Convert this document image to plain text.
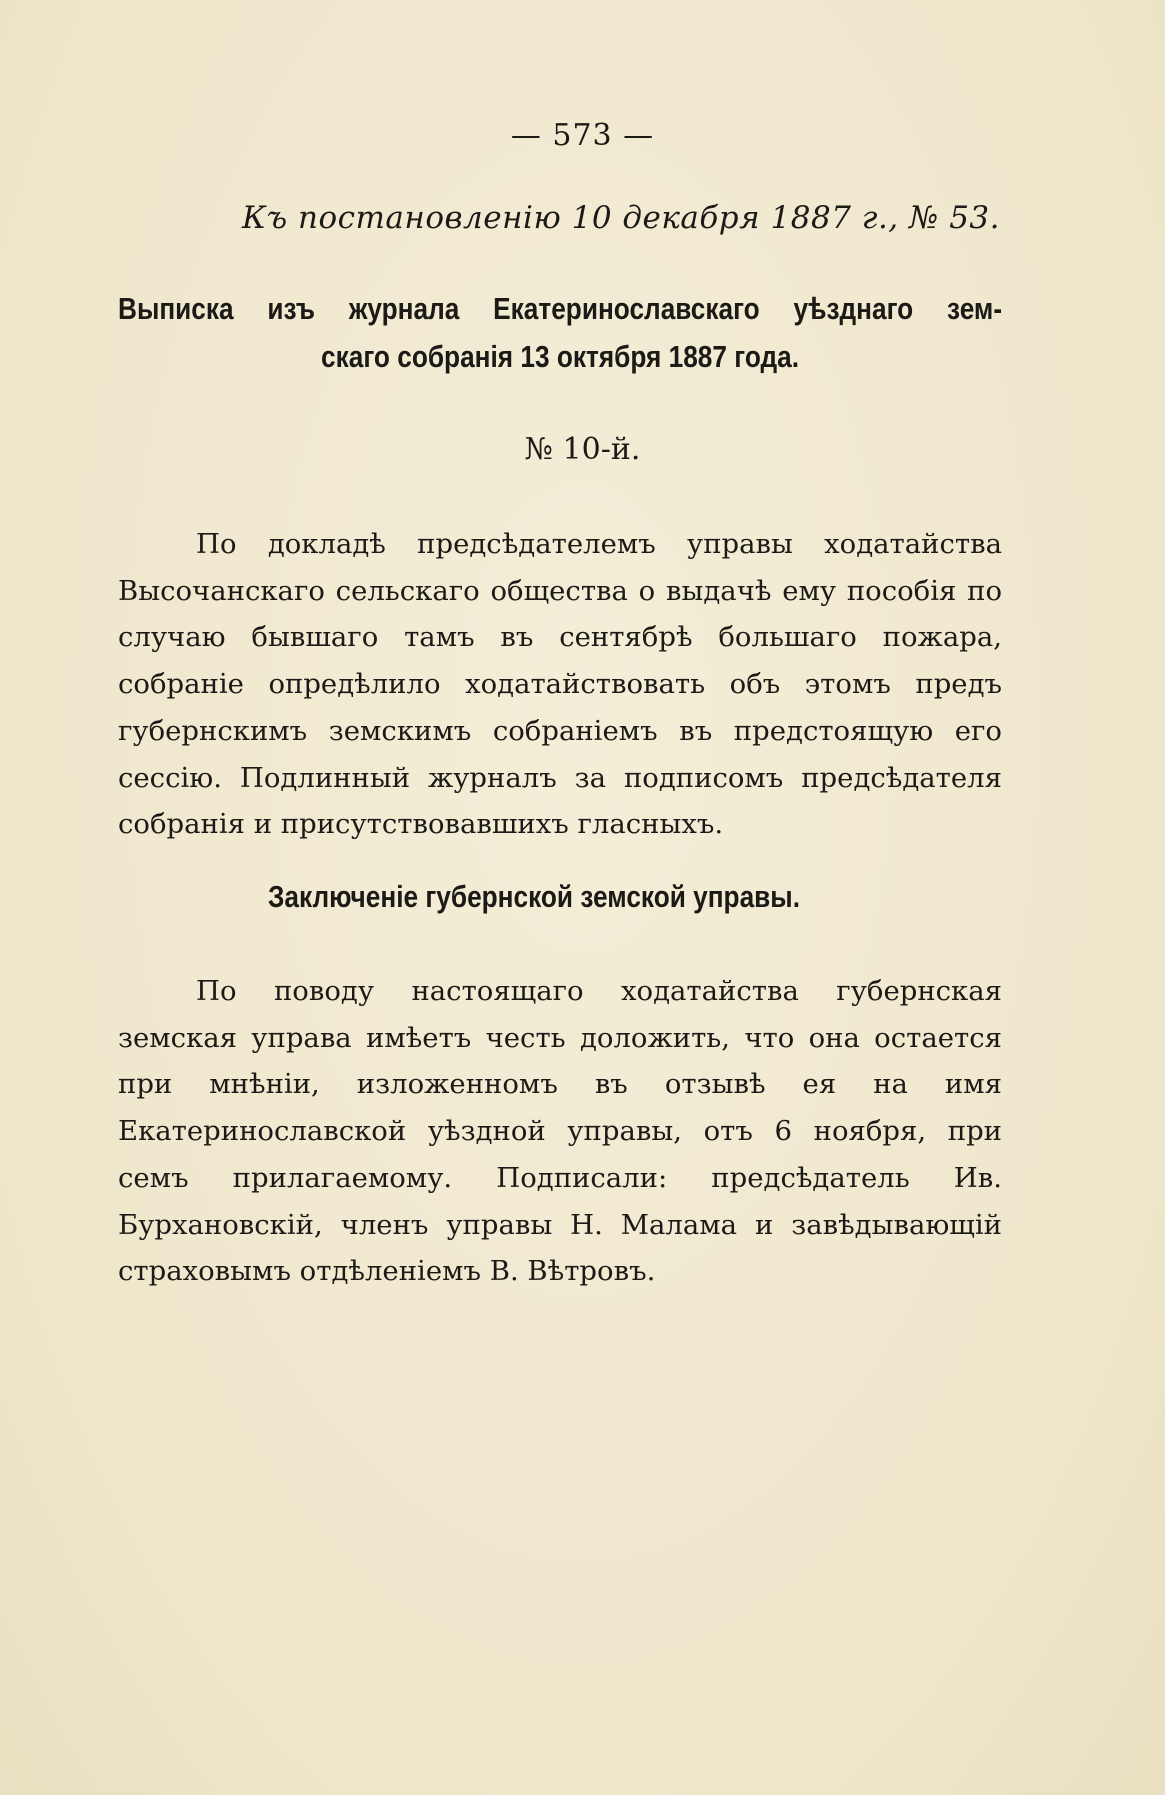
— 573 —
Къ постановленію 10 декабря 1887 г., № 53.
Выписка изъ журнала Екатеринославскаго уѣзднаго зем-
скаго собранія 13 октября 1887 года.
№ 10-й.

По докладѣ предсѣдателемъ управы ходатайства Высочанскаго сельскаго общества о выдачѣ ему пособія по случаю бывшаго тамъ въ сентябрѣ большаго пожара, собраніе опредѣлило ходатайствовать объ этомъ предъ губернскимъ земскимъ собраніемъ въ предстоящую его сессію. Подлинный журналъ за подписомъ предсѣдателя собранія и присутствовавшихъ гласныхъ.

Заключеніе губернской земской управы.

По поводу настоящаго ходатайства губернская земская управа имѣетъ честь доложить, что она остается при мнѣніи, изложенномъ въ отзывѣ ея на имя Екатеринославской уѣздной управы, отъ 6 ноября, при семъ прилагаемому. Подписали: предсѣдатель Ив. Бурхановскій, членъ управы Н. Малама и завѣдывающій страховымъ отдѣленіемъ В. Вѣтровъ.
